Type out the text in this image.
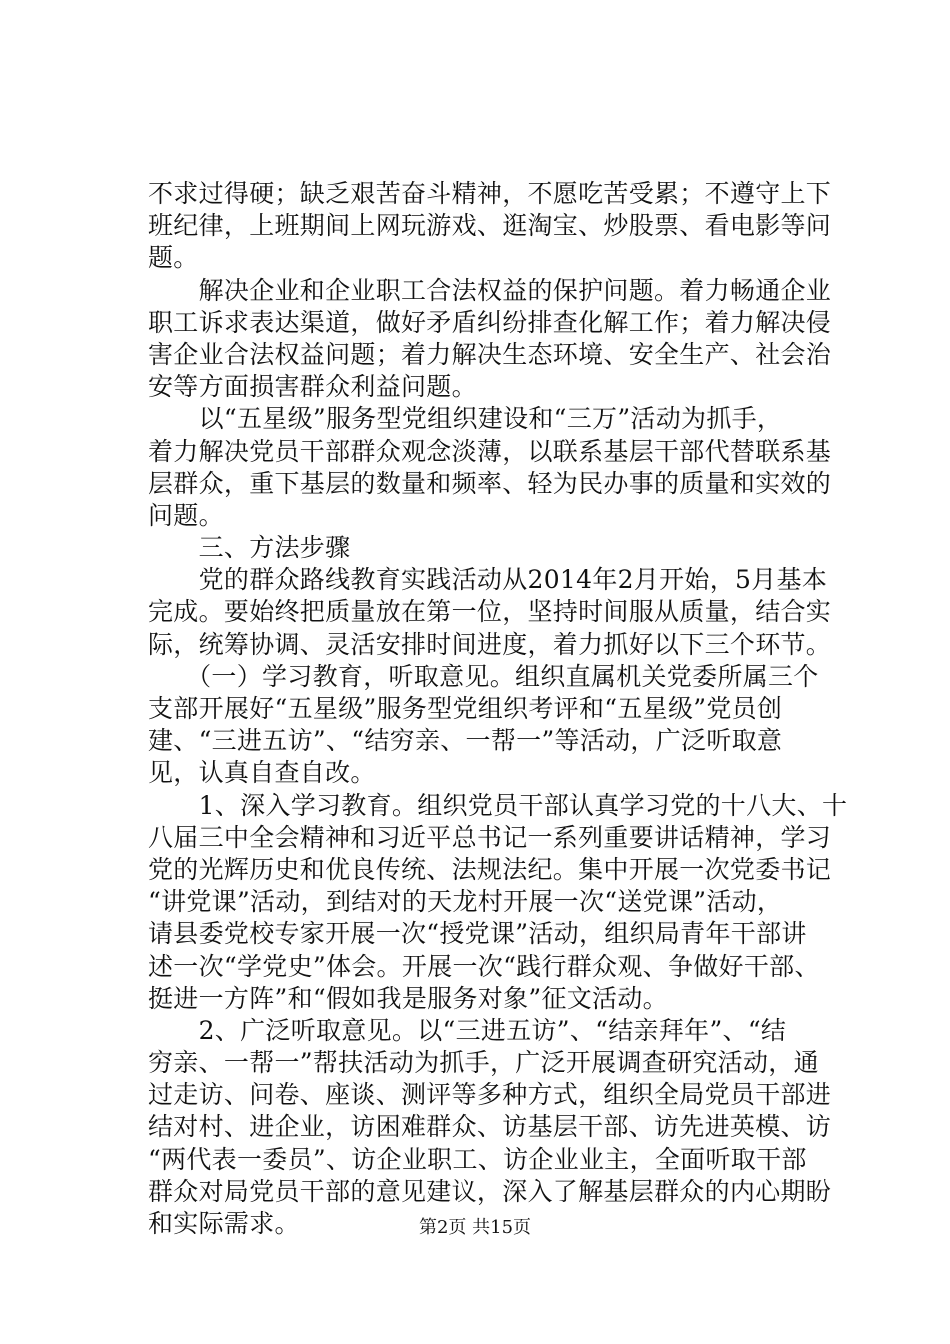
不求过得硬；缺乏艰苦奋斗精神，不愿吃苦受累；不遵守上下
班纪律，上班期间上网玩游戏、逛淘宝、炒股票、看电影等问
题。
　　解决企业和企业职工合法权益的保护问题。着力畅通企业
职工诉求表达渠道，做好矛盾纠纷排查化解工作；着力解决侵
害企业合法权益问题；着力解决生态环境、安全生产、社会治
安等方面损害群众利益问题。
　　以“五星级”服务型党组织建设和“三万”活动为抓手，
着力解决党员干部群众观念淡薄，以联系基层干部代替联系基
层群众，重下基层的数量和频率、轻为民办事的质量和实效的
问题。
　　三、方法步骤
　　党的群众路线教育实践活动从2014年2月开始，5月基本
完成。要始终把质量放在第一位，坚持时间服从质量，结合实
际，统筹协调、灵活安排时间进度，着力抓好以下三个环节。
　　（一）学习教育，听取意见。组织直属机关党委所属三个
支部开展好“五星级”服务型党组织考评和“五星级”党员创
建、“三进五访”、“结穷亲、一帮一”等活动，广泛听取意
见，认真自查自改。
　　1、深入学习教育。组织党员干部认真学习党的十八大、十
八届三中全会精神和习近平总书记一系列重要讲话精神，学习
党的光辉历史和优良传统、法规法纪。集中开展一次党委书记
“讲党课”活动，到结对的天龙村开展一次“送党课”活动，
请县委党校专家开展一次“授党课”活动，组织局青年干部讲
述一次“学党史”体会。开展一次“践行群众观、争做好干部、
挺进一方阵”和“假如我是服务对象”征文活动。
　　2、广泛听取意见。以“三进五访”、“结亲拜年”、“结
穷亲、一帮一”帮扶活动为抓手，广泛开展调查研究活动，通
过走访、问卷、座谈、测评等多种方式，组织全局党员干部进
结对村、进企业，访困难群众、访基层干部、访先进英模、访
“两代表一委员”、访企业职工、访企业业主，全面听取干部
群众对局党员干部的意见建议，深入了解基层群众的内心期盼
和实际需求。	第2页 共15页
